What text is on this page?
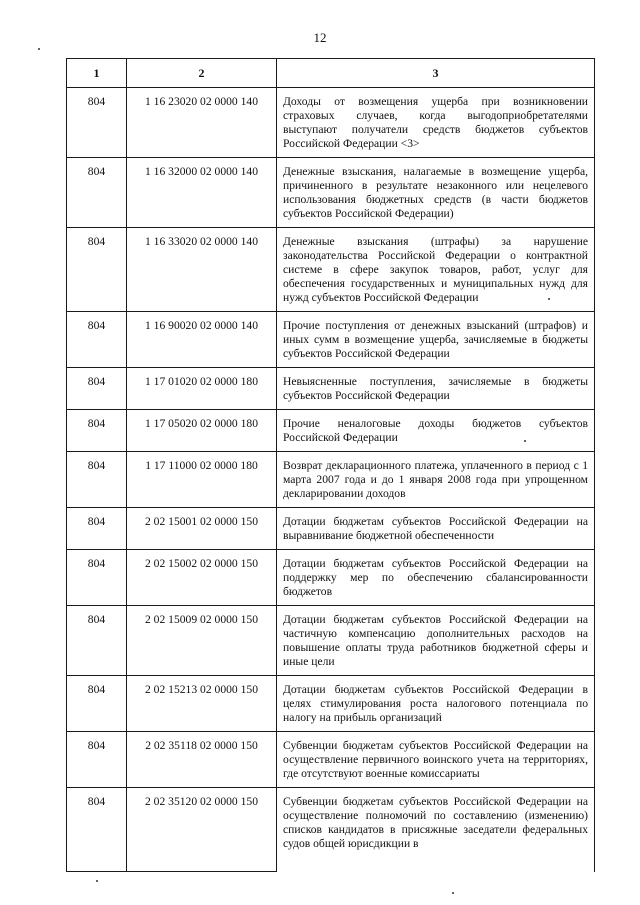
12
1	2	3
804	1 16 23020 02 0000 140	Доходы от возмещения ущерба при возникновении страховых случаев, когда выгодоприобретателями выступают получатели средств бюджетов субъектов Российской Федерации <3>
804	1 16 32000 02 0000 140	Денежные взыскания, налагаемые в возмещение ущерба, причиненного в результате незаконного или нецелевого использования бюджетных средств (в части бюджетов субъектов Российской Федерации)
804	1 16 33020 02 0000 140	Денежные взыскания (штрафы) за нарушение законодательства Российской Федерации о контрактной системе в сфере закупок товаров, работ, услуг для обеспечения государственных и муниципальных нужд для нужд субъектов Российской Федерации
804	1 16 90020 02 0000 140	Прочие поступления от денежных взысканий (штрафов) и иных сумм в возмещение ущерба, зачисляемые в бюджеты субъектов Российской Федерации
804	1 17 01020 02 0000 180	Невыясненные поступления, зачисляемые в бюджеты субъектов Российской Федерации
804	1 17 05020 02 0000 180	Прочие неналоговые доходы бюджетов субъектов Российской Федерации
804	1 17 11000 02 0000 180	Возврат декларационного платежа, уплаченного в период с 1 марта 2007 года и до 1 января 2008 года при упрощенном декларировании доходов
804	2 02 15001 02 0000 150	Дотации бюджетам субъектов Российской Федерации на выравнивание бюджетной обеспеченности
804	2 02 15002 02 0000 150	Дотации бюджетам субъектов Российской Федерации на поддержку мер по обеспечению сбалансированности бюджетов
804	2 02 15009 02 0000 150	Дотации бюджетам субъектов Российской Федерации на частичную компенсацию дополнительных расходов на повышение оплаты труда работников бюджетной сферы и иные цели
804	2 02 15213 02 0000 150	Дотации бюджетам субъектов Российской Федерации в целях стимулирования роста налогового потенциала по налогу на прибыль организаций
804	2 02 35118 02 0000 150	Субвенции бюджетам субъектов Российской Федерации на осуществление первичного воинского учета на территориях, где отсутствуют военные комиссариаты
804	2 02 35120 02 0000 150	Субвенции бюджетам субъектов Российской Федерации на осуществление полномочий по составлению (изменению) списков кандидатов в присяжные заседатели федеральных судов общей юрисдикции в
